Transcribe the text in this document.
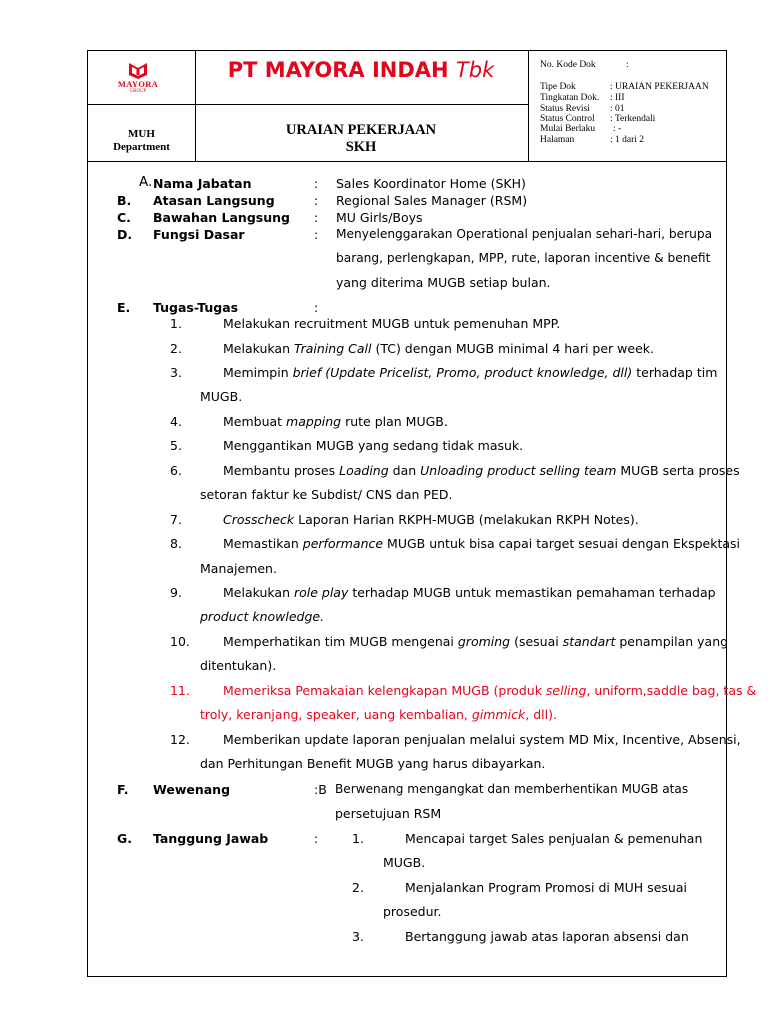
MAYORA
GROUP
PT MAYORA INDAH Tbk
MUH
Department
URAIAN PEKERJAAN
SKH
No. Kode Dok	:
Tipe Dok	: URAIAN PEKERJAAN
Tingkatan Dok. : III
Status Revisi : 01
Status Control : Terkendali
Mulai Berlaku : -
Halaman	: 1 dari 2
A. Nama Jabatan	: Sales Koordinator Home (SKH)
B. Atasan Langsung	: Regional Sales Manager (RSM)
C. Bawahan Langsung : MU Girls/Boys
D. Fungsi Dasar	: Menyelenggarakan Operational penjualan sehari-hari, berupa
barang, perlengkapan, MPP, rute, laporan incentive & benefit
yang diterima MUGB setiap bulan.
E. Tugas-Tugas	:
1.	Melakukan recruitment MUGB untuk pemenuhan MPP.
2.	Melakukan Training Call (TC) dengan MUGB minimal 4 hari per week.
3.	Memimpin brief (Update Pricelist, Promo, product knowledge, dll) terhadap tim
MUGB.
4.	Membuat mapping rute plan MUGB.
5.	Menggantikan MUGB yang sedang tidak masuk.
6.	Membantu proses Loading dan Unloading product selling team MUGB serta proses
setoran faktur ke Subdist/ CNS dan PED.
7.	Crosscheck Laporan Harian RKPH-MUGB (melakukan RKPH Notes).
8.	Memastikan performance MUGB untuk bisa capai target sesuai dengan Ekspektasi
Manajemen.
9.	Melakukan role play terhadap MUGB untuk memastikan pemahaman terhadap
product knowledge.
10.	Memperhatikan tim MUGB mengenai groming (sesuai standart penampilan yang
ditentukan).
11.	Memeriksa Pemakaian kelengkapan MUGB (produk selling, uniform,saddle bag, tas &
troly, keranjang, speaker, uang kembalian, gimmick, dll).
12.	Memberikan update laporan penjualan melalui system MD Mix, Incentive, Absensi,
dan Perhitungan Benefit MUGB yang harus dibayarkan.
F. Wewenang	:B Berwenang mengangkat dan memberhentikan MUGB atas
persetujuan RSM
G. Tanggung Jawab	:	1.	Mencapai target Sales penjualan & pemenuhan
MUGB.
2.	Menjalankan Program Promosi di MUH sesuai
prosedur.
3.	Bertanggung jawab atas laporan absensi dan
